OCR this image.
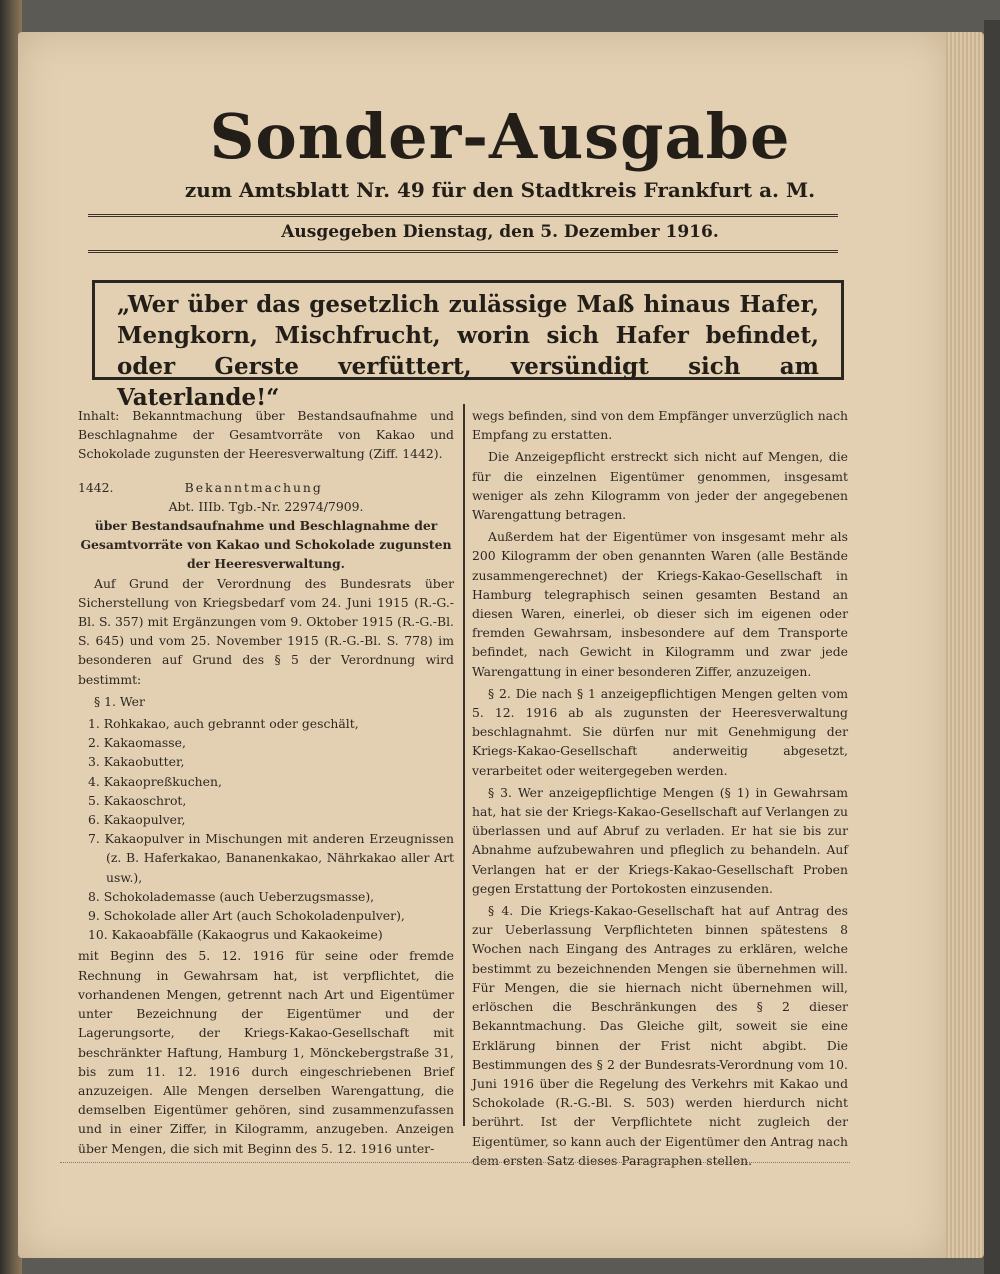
Sonder-Ausgabe
zum Amtsblatt Nr. 49 für den Stadtkreis Frankfurt a. M.
Ausgegeben Dienstag, den 5. Dezember 1916.
„Wer über das gesetzlich zulässige Maß hinaus Hafer, Mengkorn, Mischfrucht, worin sich Hafer befindet, oder Gerste verfüttert, versündigt sich am Vaterlande!“

Inhalt: Bekanntmachung über Bestandsaufnahme und Beschlagnahme der Gesamtvorräte von Kakao und Schokolade zugunsten der Heeresverwaltung (Ziff. 1442).

1442.	Bekanntmachung

Abt. IIIb. Tgb.-Nr. 22974/7909.

über Bestandsaufnahme und Beschlagnahme der Gesamtvorräte von Kakao und Schokolade zugunsten der Heeresverwaltung.

Auf Grund der Verordnung des Bundesrats über Sicherstellung von Kriegsbedarf vom 24. Juni 1915 (R.-G.-Bl. S. 357) mit Ergänzungen vom 9. Oktober 1915 (R.-G.-Bl. S. 645) und vom 25. November 1915 (R.-G.-Bl. S. 778) im besonderen auf Grund des § 5 der Verordnung wird bestimmt:

§ 1. Wer

1. Rohkakao, auch gebrannt oder geschält,

2. Kakaomasse,

3. Kakaobutter,

4. Kakaopreßkuchen,

5. Kakaoschrot,

6. Kakaopulver,

7. Kakaopulver in Mischungen mit anderen Erzeugnissen (z. B. Haferkakao, Bananenkakao, Nährkakao aller Art usw.),

8. Schokolademasse (auch Ueberzugsmasse),

9. Schokolade aller Art (auch Schokoladenpulver),

10. Kakaoabfälle (Kakaogrus und Kakaokeime)

mit Beginn des 5. 12. 1916 für seine oder fremde Rechnung in Gewahrsam hat, ist verpflichtet, die vorhandenen Mengen, getrennt nach Art und Eigentümer unter Bezeichnung der Eigentümer und der Lagerungsorte, der Kriegs-Kakao-Gesellschaft mit beschränkter Haftung, Hamburg 1, Mönckebergstraße 31, bis zum 11. 12. 1916 durch eingeschriebenen Brief anzuzeigen. Alle Mengen derselben Warengattung, die demselben Eigentümer gehören, sind zusammenzufassen und in einer Ziffer, in Kilogramm, anzugeben. Anzeigen über Mengen, die sich mit Beginn des 5. 12. 1916 unter-

wegs befinden, sind von dem Empfänger unverzüglich nach Empfang zu erstatten.

Die Anzeigepflicht erstreckt sich nicht auf Mengen, die für die einzelnen Eigentümer genommen, insgesamt weniger als zehn Kilogramm von jeder der angegebenen Warengattung betragen.

Außerdem hat der Eigentümer von insgesamt mehr als 200 Kilogramm der oben genannten Waren (alle Bestände zusammengerechnet) der Kriegs-Kakao-Gesellschaft in Hamburg telegraphisch seinen gesamten Bestand an diesen Waren, einerlei, ob dieser sich im eigenen oder fremden Gewahrsam, insbesondere auf dem Transporte befindet, nach Gewicht in Kilogramm und zwar jede Warengattung in einer besonderen Ziffer, anzuzeigen.

§ 2. Die nach § 1 anzeigepflichtigen Mengen gelten vom 5. 12. 1916 ab als zugunsten der Heeresverwaltung beschlagnahmt. Sie dürfen nur mit Genehmigung der Kriegs-Kakao-Gesellschaft anderweitig abgesetzt, verarbeitet oder weitergegeben werden.

§ 3. Wer anzeigepflichtige Mengen (§ 1) in Gewahrsam hat, hat sie der Kriegs-Kakao-Gesellschaft auf Verlangen zu überlassen und auf Abruf zu verladen. Er hat sie bis zur Abnahme aufzubewahren und pfleglich zu behandeln. Auf Verlangen hat er der Kriegs-Kakao-Gesellschaft Proben gegen Erstattung der Portokosten einzusenden.

§ 4. Die Kriegs-Kakao-Gesellschaft hat auf Antrag des zur Ueberlassung Verpflichteten binnen spätestens 8 Wochen nach Eingang des Antrages zu erklären, welche bestimmt zu bezeichnenden Mengen sie übernehmen will. Für Mengen, die sie hiernach nicht übernehmen will, erlöschen die Beschränkungen des § 2 dieser Bekanntmachung. Das Gleiche gilt, soweit sie eine Erklärung binnen der Frist nicht abgibt. Die Bestimmungen des § 2 der Bundesrats-Verordnung vom 10. Juni 1916 über die Regelung des Verkehrs mit Kakao und Schokolade (R.-G.-Bl. S. 503) werden hierdurch nicht berührt. Ist der Verpflichtete nicht zugleich der Eigentümer, so kann auch der Eigentümer den Antrag nach dem ersten Satz dieses Paragraphen stellen.
